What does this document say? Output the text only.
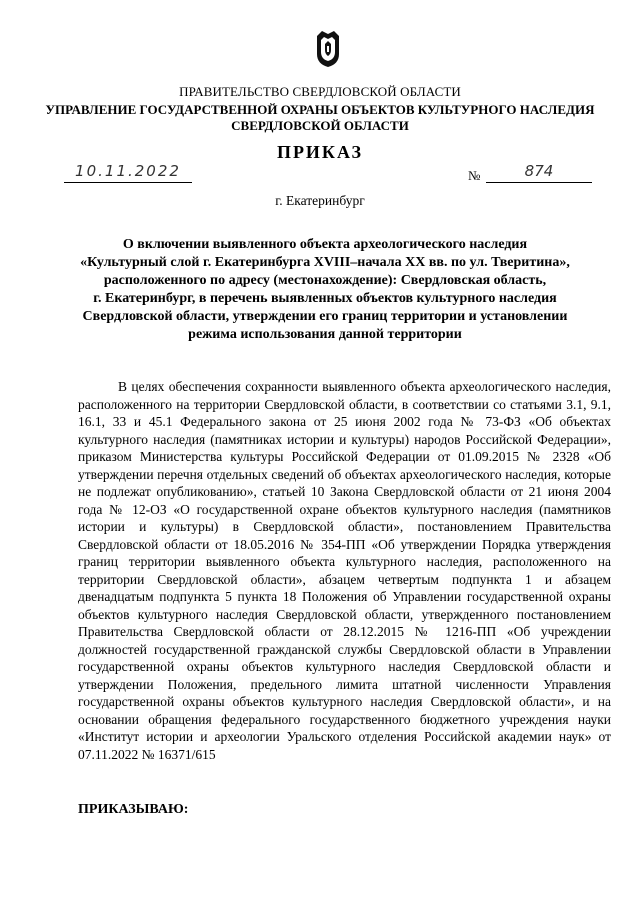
ПРАВИТЕЛЬСТВО СВЕРДЛОВСКОЙ ОБЛАСТИ
УПРАВЛЕНИЕ ГОСУДАРСТВЕННОЙ ОХРАНЫ ОБЪЕКТОВ КУЛЬТУРНОГО НАСЛЕДИЯ
СВЕРДЛОВСКОЙ ОБЛАСТИ
ПРИКАЗ
10.11.2022	№	874
г. Екатеринбург
О включении выявленного объекта археологического наследия
«Культурный слой г. Екатеринбурга XVIII–начала XX вв. по ул. Тверитина»,
расположенного по адресу (местонахождение): Свердловская область,
г. Екатеринбург, в перечень выявленных объектов культурного наследия
Свердловской области, утверждении его границ территории и установлении
режима использования данной территории
В целях обеспечения сохранности выявленного объекта археологического наследия, расположенного на территории Свердловской области, в соответствии со статьями 3.1, 9.1, 16.1, 33 и 45.1 Федерального закона от 25 июня 2002 года № 73-ФЗ «Об объектах культурного наследия (памятниках истории и культуры) народов Российской Федерации», приказом Министерства культуры Российской Федерации от 01.09.2015 № 2328 «Об утверждении перечня отдельных сведений об объектах археологического наследия, которые не подлежат опубликованию», статьей 10 Закона Свердловской области от 21 июня 2004 года № 12-ОЗ «О государственной охране объектов культурного наследия (памятников истории и культуры) в Свердловской области», постановлением Правительства Свердловской области от 18.05.2016 № 354-ПП «Об утверждении Порядка утверждения границ территории выявленного объекта культурного наследия, расположенного на территории Свердловской области», абзацем четвертым подпункта 1 и абзацем двенадцатым подпункта 5 пункта 18 Положения об Управлении государственной охраны объектов культурного наследия Свердловской области, утвержденного постановлением Правительства Свердловской области от 28.12.2015 № 1216-ПП «Об учреждении должностей государственной гражданской службы Свердловской области в Управлении государственной охраны объектов культурного наследия Свердловской области и утверждении Положения, предельного лимита штатной численности Управления государственной охраны объектов культурного наследия Свердловской области», и на основании обращения федерального государственного бюджетного учреждения науки «Институт истории и археологии Уральского отделения Российской академии наук» от 07.11.2022 № 16371/615
ПРИКАЗЫВАЮ:
